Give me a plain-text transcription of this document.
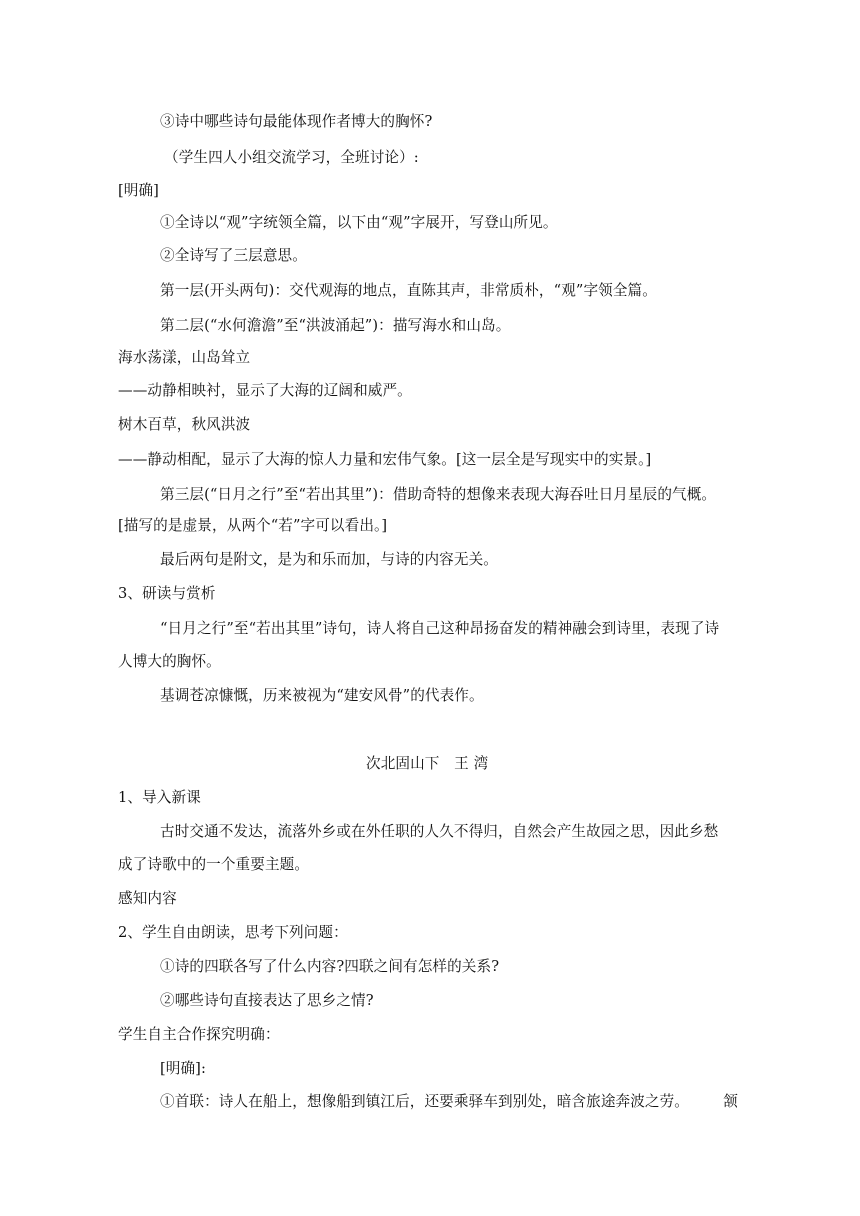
③诗中哪些诗句最能体现作者博大的胸怀?
（学生四人小组交流学习，全班讨论）:
[明确]
①全诗以“观”字统领全篇，以下由“观”字展开，写登山所见。
②全诗写了三层意思。
第一层(开头两句)：交代观海的地点，直陈其声，非常质朴，“观”字领全篇。
第二层(“水何澹澹”至“洪波涌起”)：描写海水和山岛。
海水荡漾，山岛耸立
——动静相映衬，显示了大海的辽阔和威严。
树木百草，秋风洪波
——静动相配，显示了大海的惊人力量和宏伟气象。[这一层全是写现实中的实景。]
第三层(“日月之行”至“若出其里”)：借助奇特的想像来表现大海吞吐日月星辰的气概。
[描写的是虚景，从两个“若”字可以看出。]
最后两句是附文，是为和乐而加，与诗的内容无关。
3、研读与赏析
“日月之行”至“若出其里”诗句，诗人将自己这种昂扬奋发的精神融会到诗里，表现了诗
人博大的胸怀。
基调苍凉慷慨，历来被视为“建安风骨”的代表作。
次北固山下　王 湾
1、导入新课
古时交通不发达，流落外乡或在外任职的人久不得归，自然会产生故园之思，因此乡愁
成了诗歌中的一个重要主题。
感知内容
2、学生自由朗读，思考下列问题：
①诗的四联各写了什么内容?四联之间有怎样的关系?
②哪些诗句直接表达了思乡之情?
学生自主合作探究明确：
[明确]:
①首联：诗人在船上，想像船到镇江后，还要乘驿车到别处，暗含旅途奔波之劳。 颔
